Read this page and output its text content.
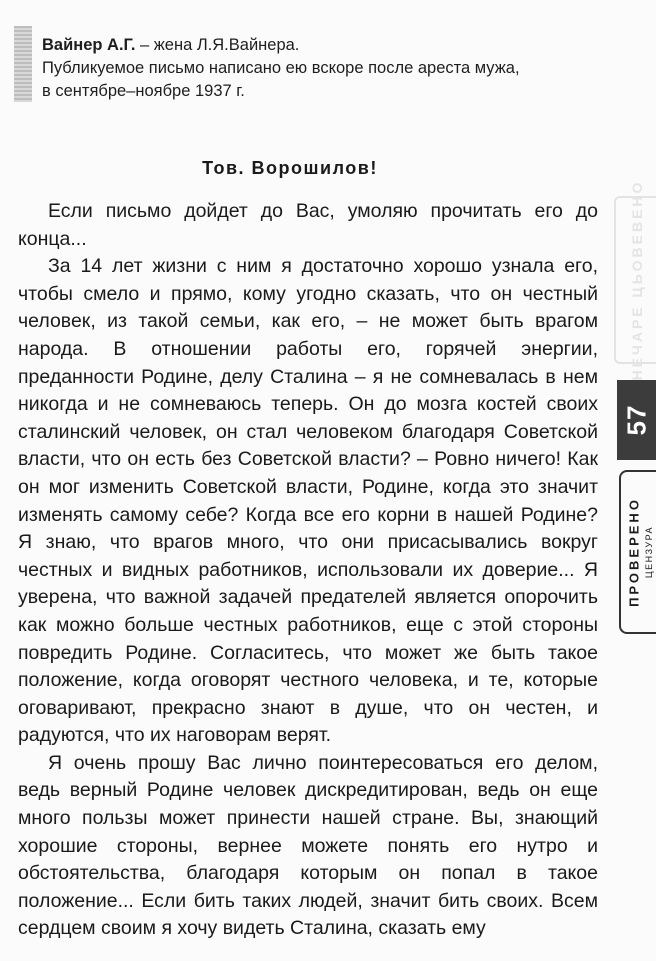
Вайнер А.Г. – жена Л.Я.Вайнера.

Публикуемое письмо написано ею вскоре после ареста мужа,

в сентябре–ноябре 1937 г.

Тов. Ворошилов!

Если письмо дойдет до Вас, умоляю прочитать его до конца...

За 14 лет жизни с ним я достаточно хорошо узнала его, чтобы смело и прямо, кому угодно сказать, что он честный человек, из такой семьи, как его, – не может быть врагом народа. В отношении работы его, горячей энергии, преданности Родине, делу Сталина – я не сомневалась в нем никогда и не сомневаюсь теперь. Он до мозга костей своих сталинский человек, он стал человеком благодаря Советской власти, что он есть без Советской власти? – Ровно ничего! Как он мог изменить Советской власти, Родине, когда это значит изменять самому себе? Когда все его корни в нашей Родине? Я знаю, что врагов много, что они присасывались вокруг честных и видных работников, использовали их доверие... Я уверена, что важной задачей предателей является опорочить как можно больше честных работников, еще с этой стороны повредить Родине. Согласитесь, что может же быть такое положение, когда оговорят честного человека, и те, которые оговаривают, прекрасно знают в душе, что он честен, и радуются, что их наговорам верят.

Я очень прошу Вас лично поинтересоваться его делом, ведь верный Родине человек дискредитирован, ведь он еще много пользы может принести нашей стране. Вы, знающий хорошие стороны, вернее можете понять его нутро и обстоятельства, благодаря которым он попал в такое положение... Если бить таких людей, значит бить своих. Всем сердцем своим я хочу видеть Сталина, сказать ему

НЕЧАРЕ ЦЬОВЕВЕНО
57
ПРОВЕРЕНО ЦЕНЗУРА
